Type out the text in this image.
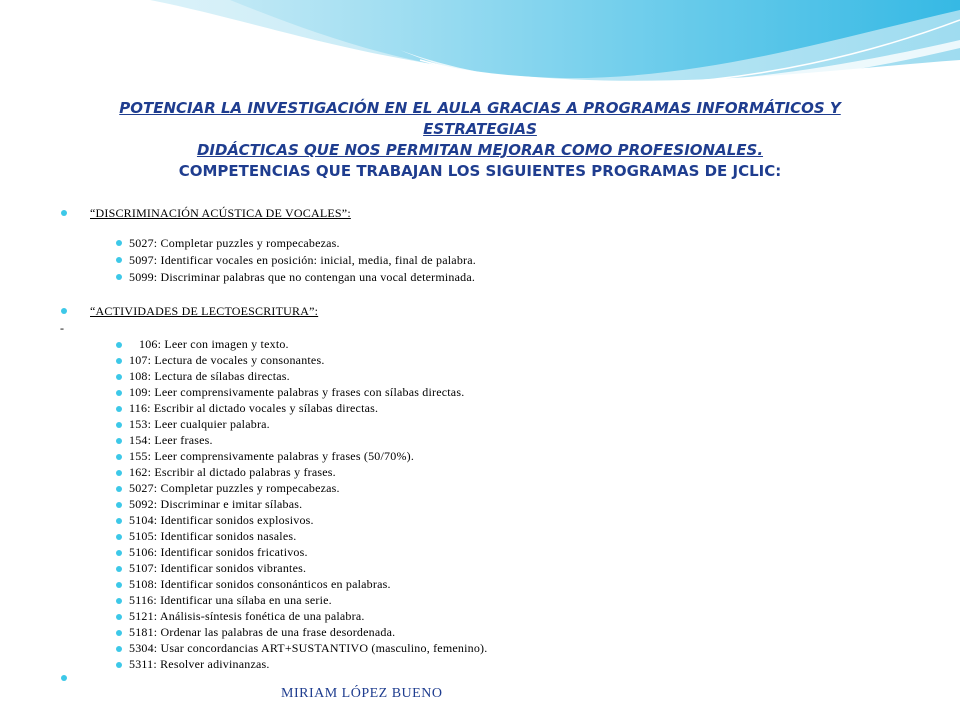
POTENCIAR LA INVESTIGACIÓN EN EL AULA GRACIAS A PROGRAMAS INFORMÁTICOS Y ESTRATEGIAS
DIDÁCTICAS QUE NOS PERMITAN MEJORAR COMO PROFESIONALES.
COMPETENCIAS QUE TRABAJAN LOS SIGUIENTES PROGRAMAS DE JCLIC:
“DISCRIMINACIÓN ACÚSTICA DE VOCALES”:
5027: Completar puzzles y rompecabezas.
5097: Identificar vocales en posición: inicial, media, final de palabra.
5099: Discriminar palabras que no contengan una vocal determinada.
“ACTIVIDADES DE LECTOESCRITURA”:
-
106: Leer con imagen y texto.
107: Lectura de vocales y consonantes.
108: Lectura de sílabas directas.
109: Leer comprensivamente palabras y frases con sílabas directas.
116: Escribir al dictado vocales y sílabas directas.
153: Leer cualquier palabra.
154: Leer frases.
155: Leer comprensivamente palabras y frases (50/70%).
162: Escribir al dictado palabras y frases.
5027: Completar puzzles y rompecabezas.
5092: Discriminar e imitar sílabas.
5104: Identificar sonidos explosivos.
5105: Identificar sonidos nasales.
5106: Identificar sonidos fricativos.
5107: Identificar sonidos vibrantes.
5108: Identificar sonidos consonánticos en palabras.
5116: Identificar una sílaba en una serie.
5121: Análisis-síntesis fonética de una palabra.
5181: Ordenar las palabras de una frase desordenada.
5304: Usar concordancias ART+SUSTANTIVO (masculino, femenino).
5311: Resolver adivinanzas.
MIRIAM LÓPEZ BUENO
